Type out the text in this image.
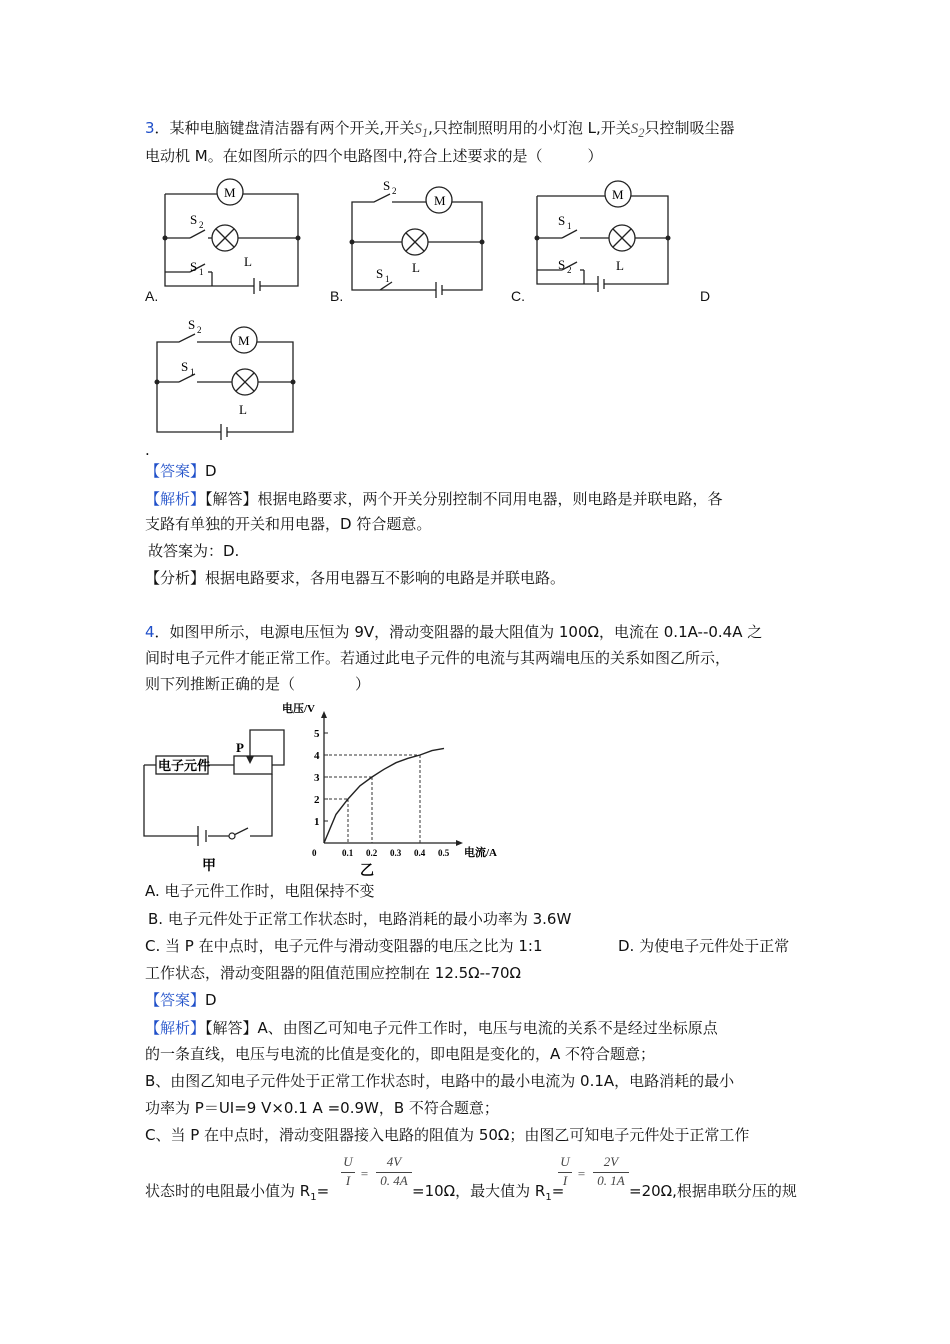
3．某种电脑键盘清洁器有两个开关,开关$S_1$,只控制照明用的小灯泡 L,开关$S_2$只控制吸尘器
电动机 M。在如图所示的四个电路图中,符合上述要求的是（　　　）
M
S 2
S 1
L
A.
M
S 2
S 1
L
B.
M
S 1
S 2	L
C.	D
M
S 2
S 1
L
.
【答案】D
【解析】【解答】根据电路要求，两个开关分别控制不同用电器，则电路是并联电路，各
支路有单独的开关和用电器，D 符合题意。
故答案为：D.
【分析】根据电路要求，各用电器互不影响的电路是并联电路。
4．如图甲所示，电源电压恒为 9V，滑动变阻器的最大阻值为 100Ω，电流在 0.1A--0.4A 之
间时电子元件才能正常工作。若通过此电子元件的电流与其两端电压的关系如图乙所示，
则下列推断正确的是（　　　　）
电子元件
P
甲
0	0.1 0.2 0.3 0.4 0.5
1
2
3
4
5
电压/V
电流/A
乙
A. 电子元件工作时，电阻保持不变
B. 电子元件处于正常工作状态时，电路消耗的最小功率为 3.6W
C. 当 P 在中点时，电子元件与滑动变阻器的电压之比为 1:1	D. 为使电子元件处于正常
工作状态，滑动变阻器的阻值范围应控制在 12.5Ω--70Ω
【答案】D
【解析】【解答】A、由图乙可知电子元件工作时，电压与电流的关系不是经过坐标原点
的一条直线，电压与电流的比值是变化的，即电阻是变化的，A 不符合题意；
B、由图乙知电子元件处于正常工作状态时，电路中的最小电流为 0.1A，电路消耗的最小
功率为 P＝UI=9 V×0.1 A =0.9W，B 不符合题意；
C、当 P 在中点时，滑动变阻器接入电路的阻值为 50Ω；由图乙可知电子元件处于正常工作
状态时的电阻最小值为 $R_1=$
$\frac{U}{I} = \frac{4V}{0. 4A}$
=10Ω，最大值为 $R_1=$
$\frac{U}{I} = \frac{2V}{0. 1A}$
=20Ω,根据串联分压的规
